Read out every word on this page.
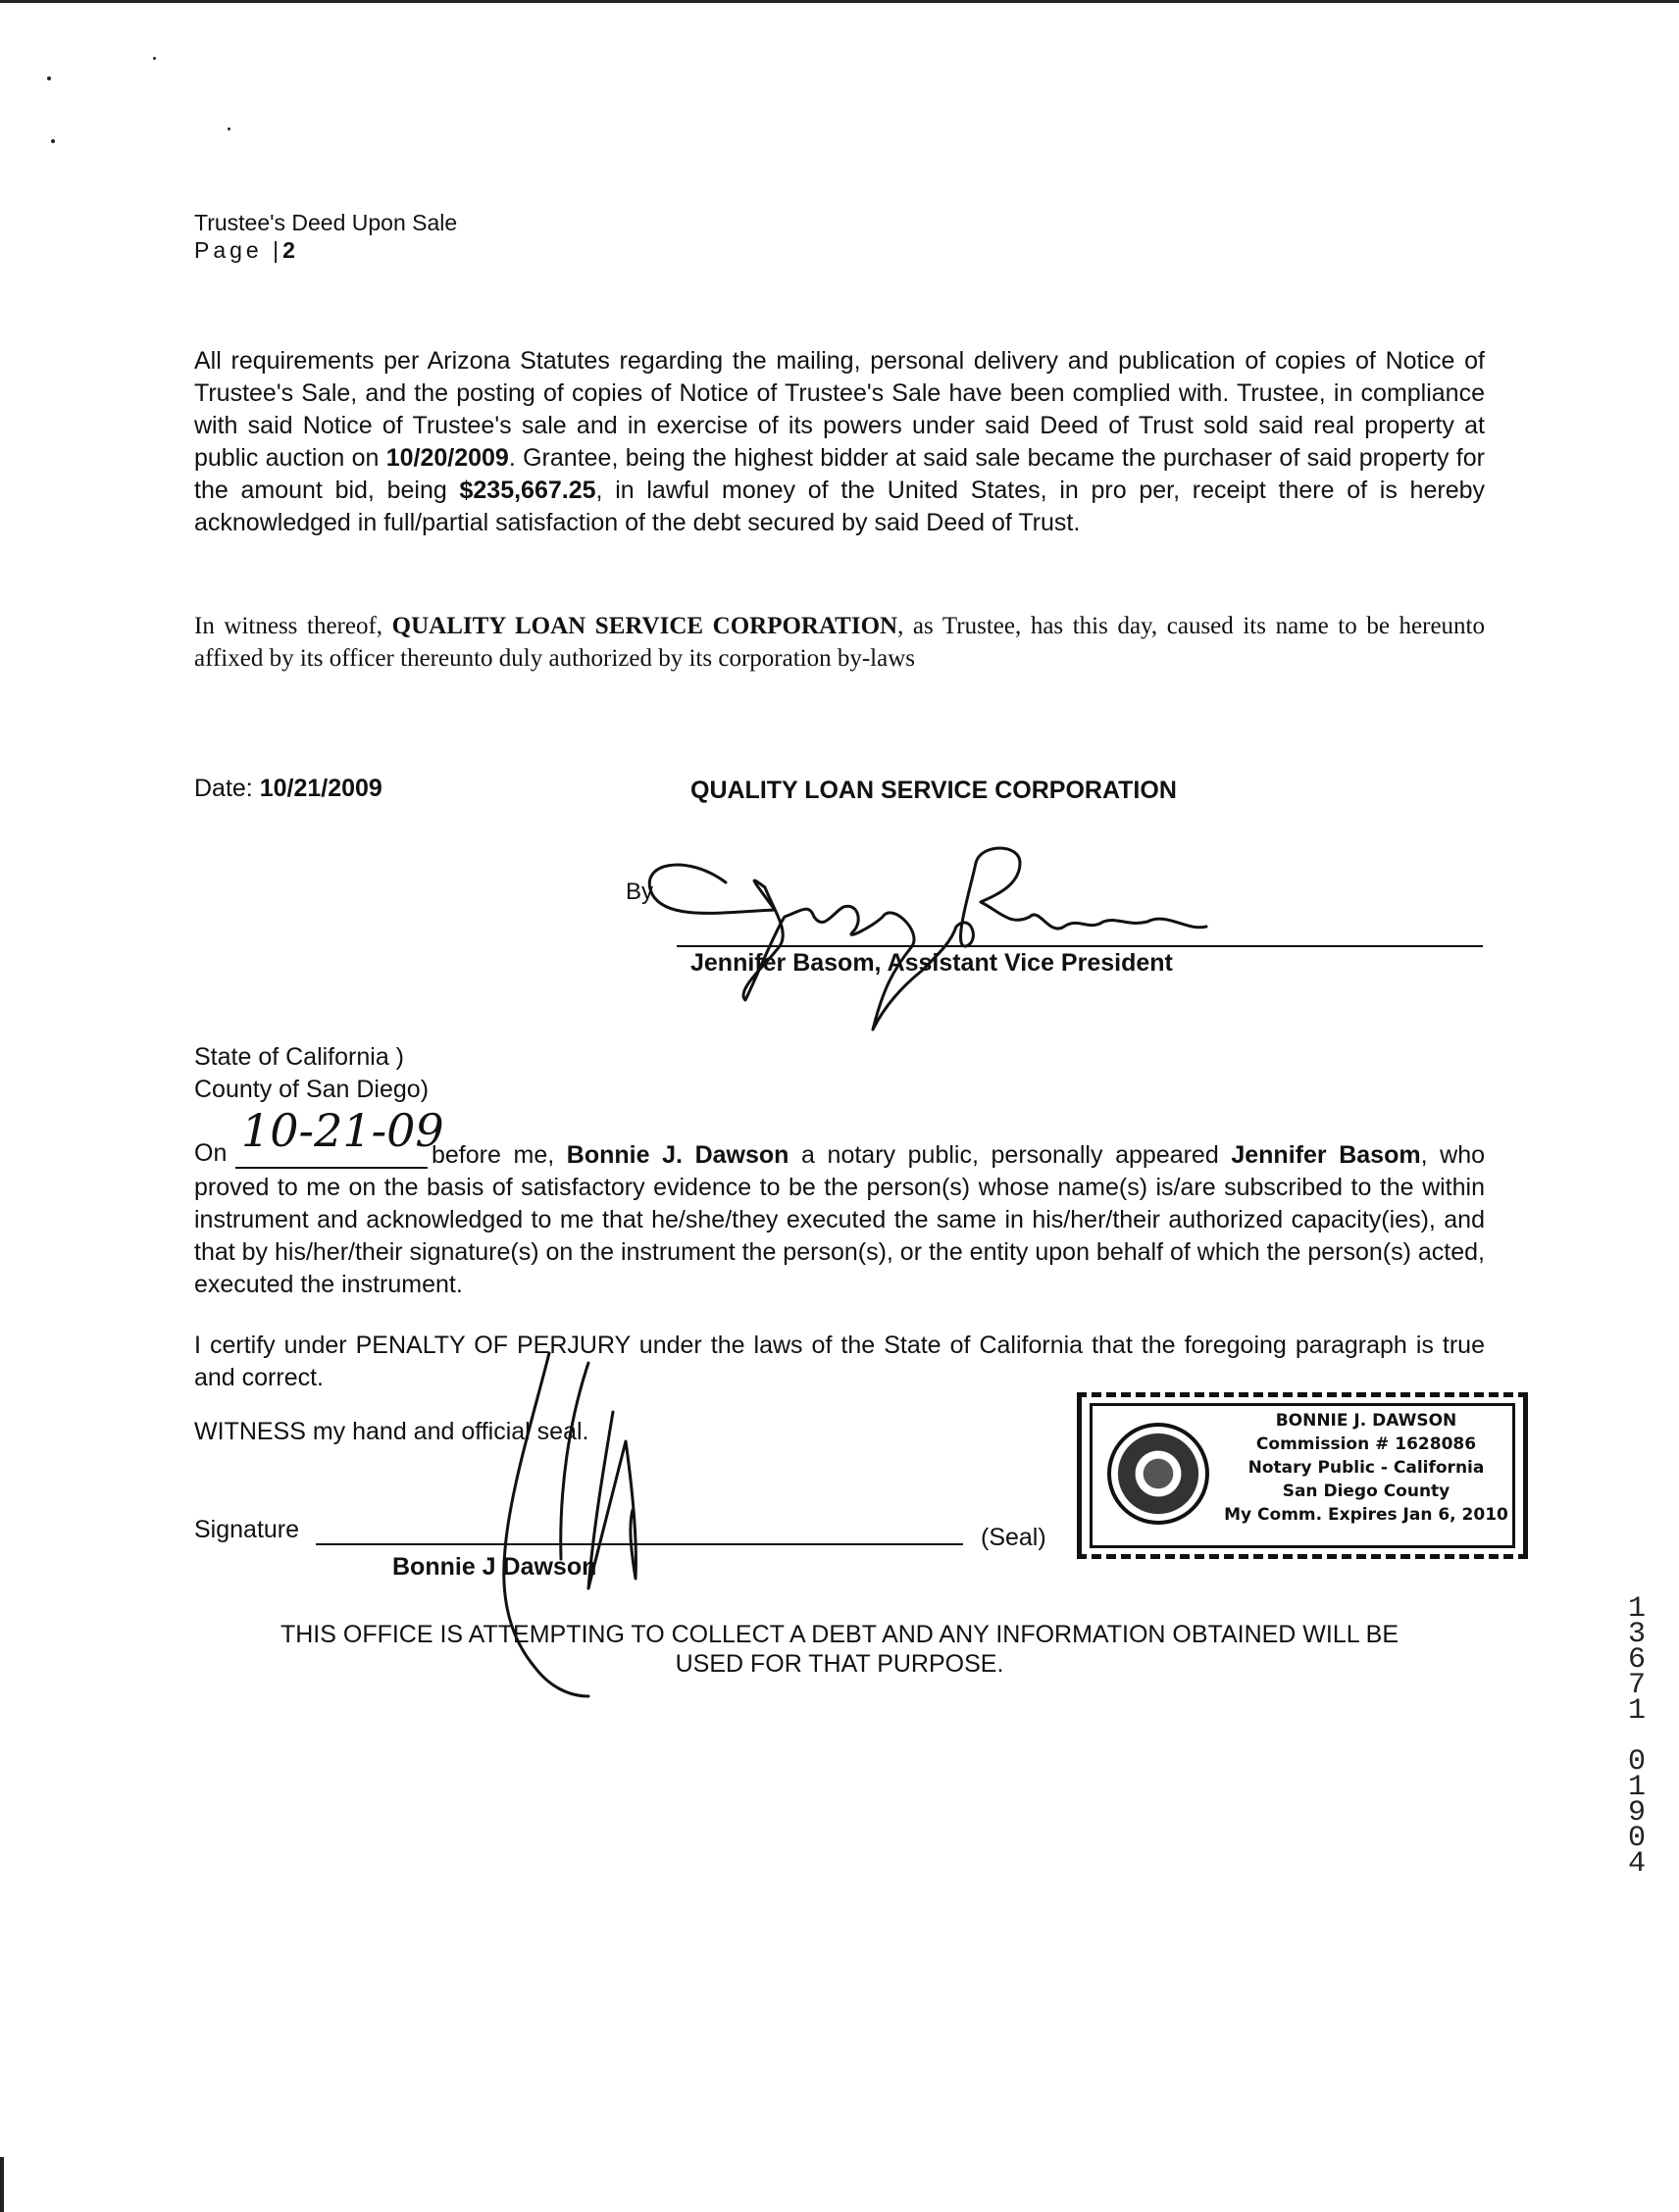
Trustee's Deed Upon Sale
Page |2
All requirements per Arizona Statutes regarding the mailing, personal delivery and publication of copies of Notice of Trustee's Sale, and the posting of copies of Notice of Trustee's Sale have been complied with. Trustee, in compliance with said Notice of Trustee's sale and in exercise of its powers under said Deed of Trust sold said real property at public auction on 10/20/2009. Grantee, being the highest bidder at said sale became the purchaser of said property for the amount bid, being $235,667.25, in lawful money of the United States, in pro per, receipt there of is hereby acknowledged in full/partial satisfaction of the debt secured by said Deed of Trust.
In witness thereof, QUALITY LOAN SERVICE CORPORATION, as Trustee, has this day, caused its name to be hereunto affixed by its officer thereunto duly authorized by its corporation by-laws
Date: 10/21/2009	QUALITY LOAN SERVICE CORPORATION
By
Jennifer Basom, Assistant Vice President
State of California )
County of San Diego)
On 10-21-09
before me, Bonnie J. Dawson a notary public, personally appeared Jennifer Basom, who proved to me on the basis of satisfactory evidence to be the person(s) whose name(s) is/are subscribed to the within instrument and acknowledged to me that he/she/they executed the same in his/her/their authorized capacity(ies), and that by his/her/their signature(s) on the instrument the person(s), or the entity upon behalf of which the person(s) acted, executed the instrument.
I certify under PENALTY OF PERJURY under the laws of the State of California that the foregoing paragraph is true and correct.
WITNESS my hand and official seal.
Signature	(Seal)
Bonnie J Dawson
BONNIE J. DAWSON
Commission # 1628086
Notary Public - California
San Diego County
My Comm. Expires Jan 6, 2010
THIS OFFICE IS ATTEMPTING TO COLLECT A DEBT AND ANY INFORMATION OBTAINED WILL BE
USED FOR THAT PURPOSE.
1
3
6
7
1
0
1
9
0
4
